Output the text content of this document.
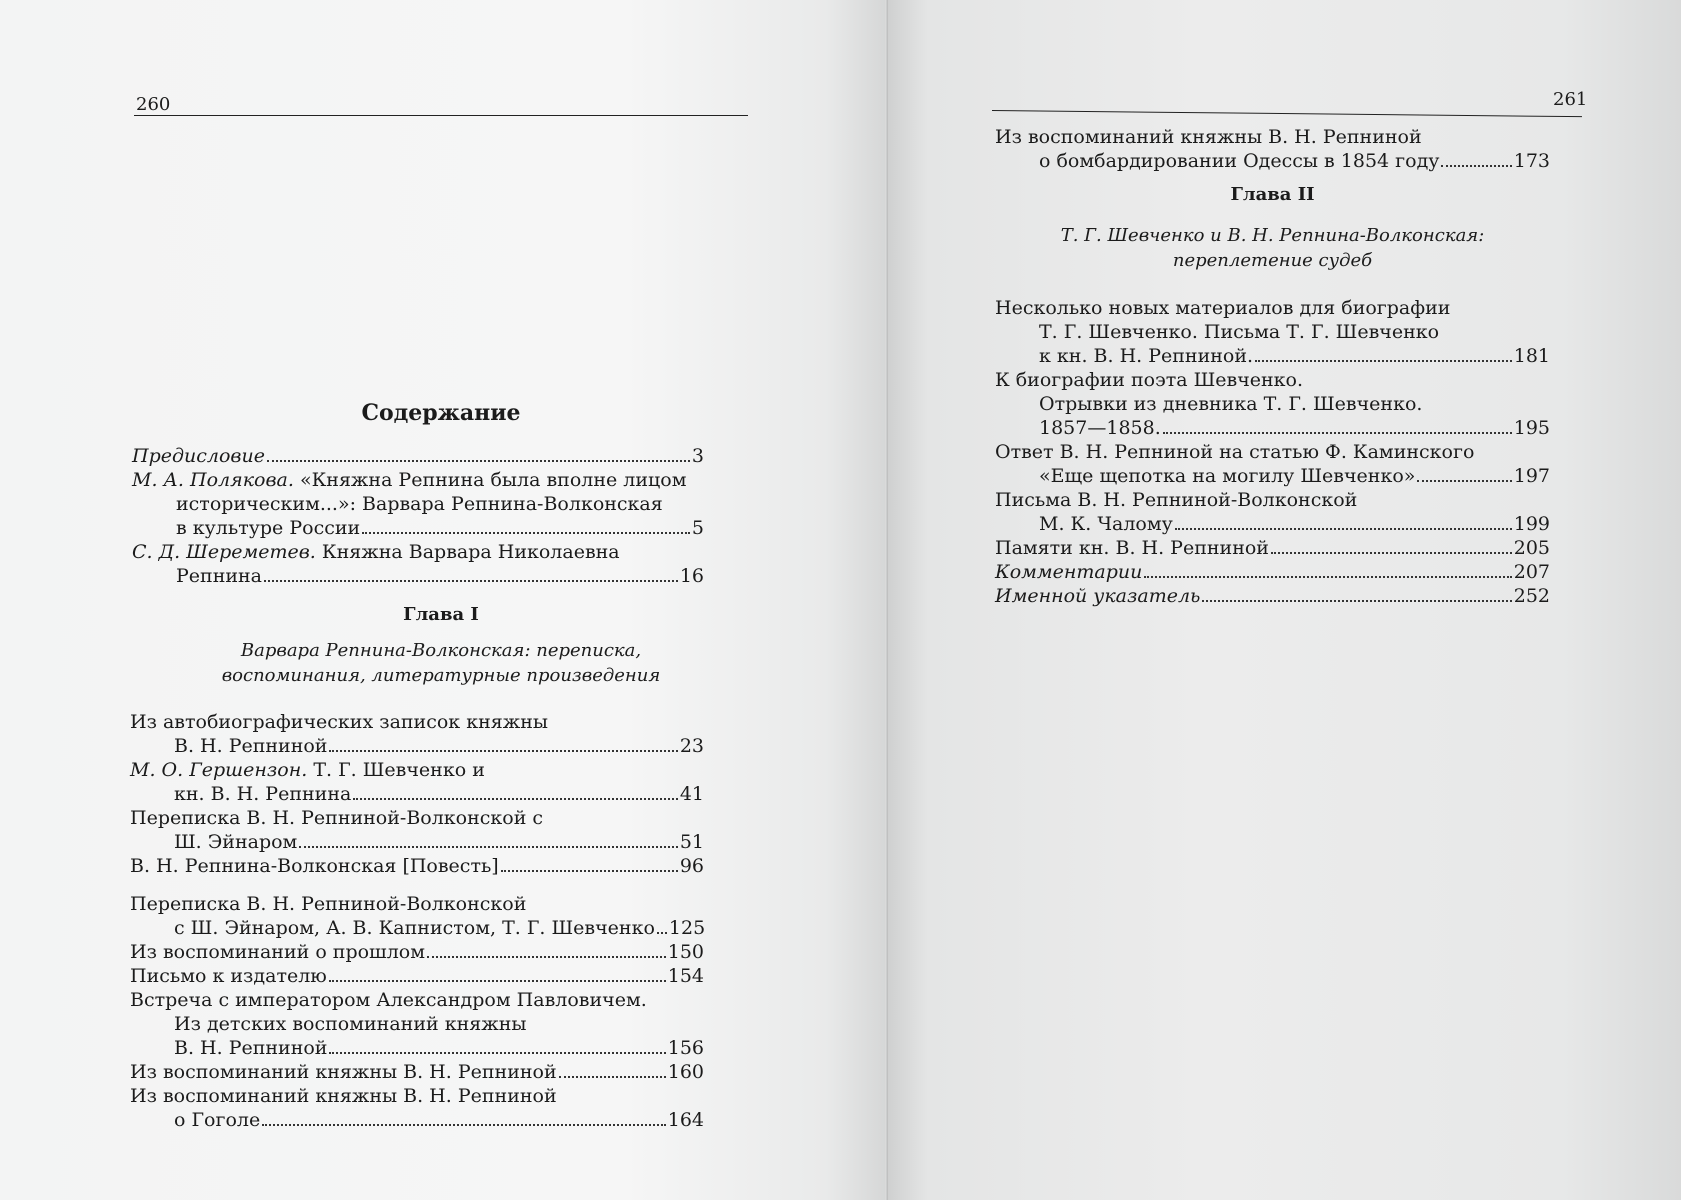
260	261
Содержание
Предисловие	3
М. А. Полякова. «Княжна Репнина была вполне лицом
историческим...»: Варвара Репнина-Волконская
в культуре России	5
С. Д. Шереметев. Княжна Варвара Николаевна
Репнина	16
Глава I
Варвара Репнина-Волконская: переписка,
воспоминания, литературные произведения
Из автобиографических записок княжны
В. Н. Репниной	23
М. О. Гершензон. Т. Г. Шевченко и
кн. В. Н. Репнина	41
Переписка В. Н. Репниной-Волконской с
Ш. Эйнаром	51
В. Н. Репнина-Волконская [Повесть]	96
Переписка В. Н. Репниной-Волконской
с Ш. Эйнаром, А. В. Капнистом, Т. Г. Шевченко 125
Из воспоминаний о прошлом	150
Письмо к издателю	154
Встреча с императором Александром Павловичем.
Из детских воспоминаний княжны
В. Н. Репниной	156
Из воспоминаний княжны В. Н. Репниной	160
Из воспоминаний княжны В. Н. Репниной
о Гоголе	164
Из воспоминаний княжны В. Н. Репниной
о бомбардировании Одессы в 1854 году	173
Глава II
Т. Г. Шевченко и В. Н. Репнина-Волконская:
переплетение судеб
Несколько новых материалов для биографии
Т. Г. Шевченко. Письма Т. Г. Шевченко
к кн. В. Н. Репниной.	181
К биографии поэта Шевченко.
Отрывки из дневника Т. Г. Шевченко.
1857—1858.	195
Ответ В. Н. Репниной на статью Ф. Каминского
«Еще щепотка на могилу Шевченко»	197
Письма В. Н. Репниной-Волконской
М. К. Чалому	199
Памяти кн. В. Н. Репниной	205
Комментарии	207
Именной указатель	252
